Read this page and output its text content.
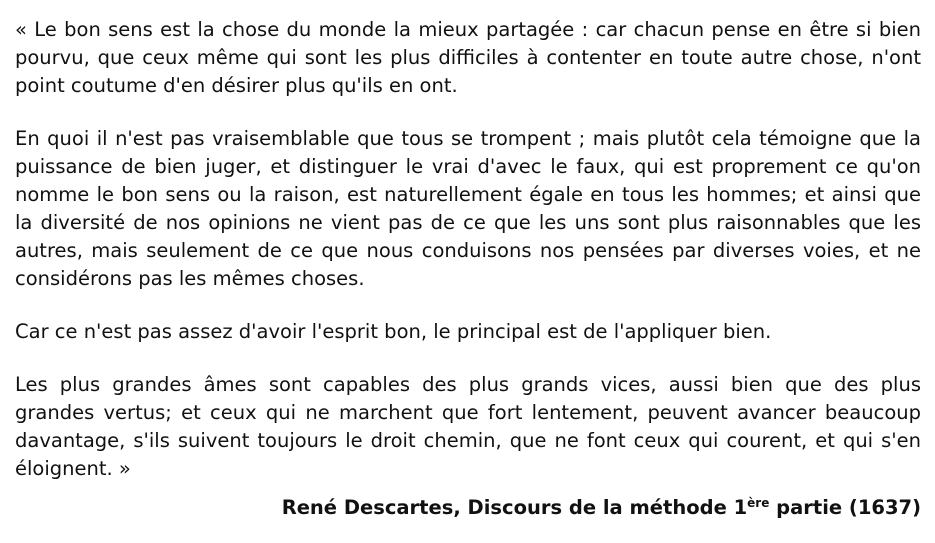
« Le bon sens est la chose du monde la mieux partagée : car chacun pense en être si bien pourvu, que ceux même qui sont les plus difficiles à contenter en toute autre chose, n'ont point coutume d'en désirer plus qu'ils en ont.

En quoi il n'est pas vraisemblable que tous se trompent ; mais plutôt cela témoigne que la puissance de bien juger, et distinguer le vrai d'avec le faux, qui est proprement ce qu'on nomme le bon sens ou la raison, est naturellement égale en tous les hommes; et ainsi que la diversité de nos opinions ne vient pas de ce que les uns sont plus raisonnables que les autres, mais seulement de ce que nous conduisons nos pensées par diverses voies, et ne considérons pas les mêmes choses.

Car ce n'est pas assez d'avoir l'esprit bon, le principal est de l'appliquer bien.

Les plus grandes âmes sont capables des plus grands vices, aussi bien que des plus grandes vertus; et ceux qui ne marchent que fort lentement, peuvent avancer beaucoup davantage, s'ils suivent toujours le droit chemin, que ne font ceux qui courent, et qui s'en éloignent. »

René Descartes, Discours de la méthode 1ère partie (1637)
